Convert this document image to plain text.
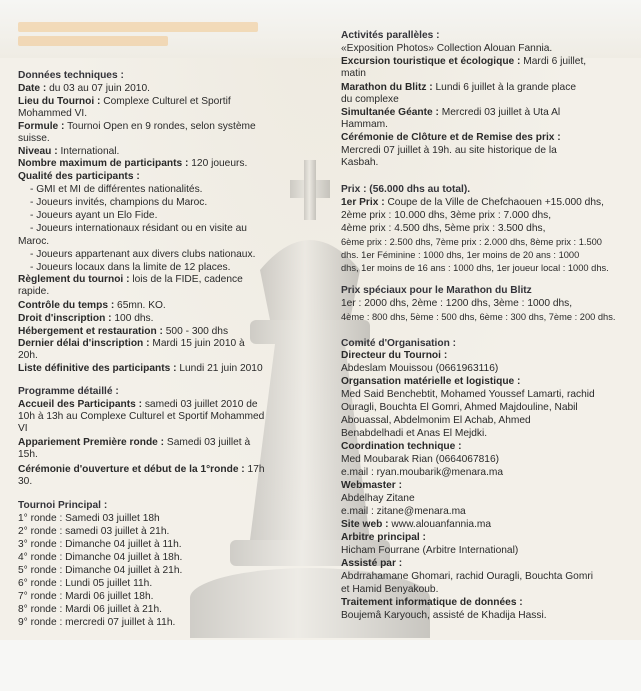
Données techniques :
Date : du 03 au 07 juin 2010.
Lieu du Tournoi : Complexe Culturel et Sportif
Mohammed VI.
Formule : Tournoi Open en 9 rondes, selon système
suisse.
Niveau : International.
Nombre maximum de participants : 120 joueurs.
Qualité des participants :
- GMI et MI de différentes nationalités.
- Joueurs invités, champions du Maroc.
- Joueurs ayant un Elo Fide.
- Joueurs internationaux résidant ou en visite au
Maroc.
- Joueurs appartenant aux divers clubs nationaux.
- Joueurs locaux dans la limite de 12 places.
Règlement du tournoi : lois de la FIDE, cadence
rapide.
Contrôle du temps : 65mn. KO.
Droit d'inscription : 100 dhs.
Hébergement et restauration : 500 - 300 dhs
Dernier délai d'inscription : Mardi 15 juin 2010 à
20h.
Liste définitive des participants : Lundi 21 juin 2010
Programme détaillé :
Accueil des Participants : samedi 03 juillet 2010 de
10h à 13h au Complexe Culturel et Sportif Mohammed
VI
Appariement Première ronde : Samedi 03 juillet à
15h.
Cérémonie d'ouverture et début de la 1°ronde : 17h
30.
Tournoi Principal :
1° ronde : Samedi 03 juillet 18h
2° ronde : samedi 03 juillet à 21h.
3° ronde : Dimanche 04 juillet à 11h.
4° ronde : Dimanche 04 juillet à 18h.
5° ronde : Dimanche 04 juillet à 21h.
6° ronde : Lundi 05 juillet 11h.
7° ronde : Mardi 06 juillet 18h.
8° ronde : Mardi 06 juillet à 21h.
9° ronde : mercredi 07 juillet à 11h.
Activités parallèles :
«Exposition Photos» Collection Alouan Fannia.
Excursion touristique et écologique : Mardi 6 juillet,
matin
Marathon du Blitz : Lundi 6 juillet à la grande place
du complexe
Simultanée Géante : Mercredi 03 juillet à Uta Al
Hammam.
Cérémonie de Clôture et de Remise des prix :
Mercredi 07 juillet à 19h. au site historique de la
Kasbah.
Prix : (56.000 dhs au total).
1er Prix : Coupe de la Ville de Chefchaouen +15.000 dhs,
2ème prix : 10.000 dhs, 3ème prix : 7.000 dhs,
4ème prix : 4.500 dhs, 5ème prix : 3.500 dhs,
6ème prix : 2.500 dhs, 7ème prix : 2.000 dhs, 8ème prix : 1.500
dhs. 1er Féminine : 1000 dhs, 1er moins de 20 ans : 1000
dhs, 1er moins de 16 ans : 1000 dhs, 1er joueur local : 1000 dhs.
Prix spéciaux pour le Marathon du Blitz
1er : 2000 dhs, 2ème : 1200 dhs, 3ème : 1000 dhs,
4ème : 800 dhs, 5ème : 500 dhs, 6ème : 300 dhs, 7ème : 200 dhs.
Comité d'Organisation :
Directeur du Tournoi :
Abdeslam Mouissou (0661963116)
Organsation matérielle et logistique :
Med Said Benchebtit, Mohamed Youssef Lamarti, rachid
Ouragli, Bouchta El Gomri, Ahmed Majdouline, Nabil
Abouassal, Abdelmonim El Achab, Ahmed
Benabdelhadi et Anas El Mejdki.
Coordination technique :
Med Moubarak Rian (0664067816)
e.mail : ryan.moubarik@menara.ma
Webmaster :
Abdelhay Zitane
e.mail : zitane@menara.ma
Site web : www.alouanfannia.ma
Arbitre principal :
Hicham Fourrane (Arbitre International)
Assisté par :
Abdrrahamane Ghomari, rachid Ouragli, Bouchta Gomri
et Hamid Benyakoub.
Traitement informatique de données :
Boujemâ Karyouch, assisté de Khadija Hassi.
